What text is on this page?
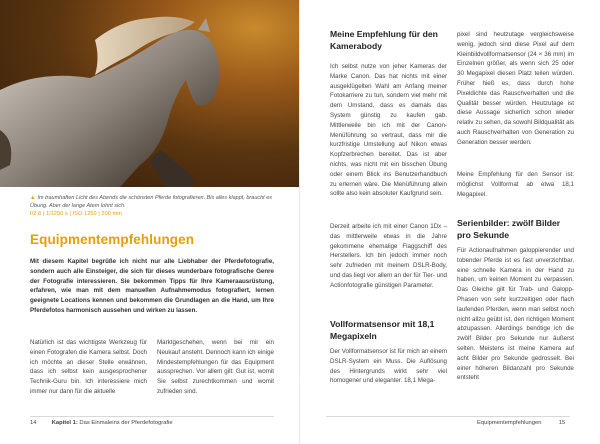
▲ Im traumhaften Licht des Abends die schönsten Pferde fotografieren. Bis alles klappt, braucht es Übung. Aber der lange Atem lohnt sich.
f/2.8 | 1/1250 s | ISO 1250 | 200 mm
Equipmentempfehlungen

Mit diesem Kapitel begrüße ich nicht nur alle Liebhaber der Pferdefotografie, sondern auch alle Einsteiger, die sich für dieses wunderbare fotografische Genre der Fotografie interessieren. Sie bekommen Tipps für Ihre Kameraausrüstung, erfahren, wie man mit dem manuellen Aufnahmemodus fotografiert, lernen geeignete Locations kennen und bekommen die Grundlagen an die Hand, um Ihre Pferdefotos harmonisch aussehen und wirken zu lassen.

Natürlich ist das wichtigste Werkzeug für einen Fotografen die Kamera selbst. Doch ich möchte an dieser Stelle erwähnen, dass ich selbst kein ausgesprochener Technik-Guru bin. Ich interessiere mich immer nur dann für die aktuelle

Marktgeschehen, wenn bei mir ein Neukauf ansteht. Dennoch kann ich einige Mindestempfehlungen für das Equipment aussprechen. Vor allem gilt: Gut ist, womit Sie selbst zurechtkommen und womit zufrieden sind.

14	Kapitel 1: Das Einmaleins der Pferdefotografie
Meine Empfehlung für den Kamerabody

Ich selbst nutze von jeher Kameras der Marke Canon. Das hat nichts mit einer ausgeklügelten Wahl am Anfang meiner Fotokarriere zu tun, sondern viel mehr mit dem Umstand, dass es damals das System günstig zu kaufen gab. Mittlerweile bin ich mit der Canon-Menüführung so vertraut, dass mir die kurzfristige Umstellung auf Nikon etwas Kopfzerbrechen bereitet. Das ist aber nichts, was nicht mit ein bisschen Übung oder einem Blick ins Benutzerhandbuch zu erlernen wäre. Die Menüführung allein sollte also kein absoluter Kaufgrund sein.

Derzeit arbeite ich mit einer Canon 1Dx – das mittlerweile etwas in die Jahre gekommene ehemalige Flaggschiff des Herstellers. Ich bin jedoch immer noch sehr zufrieden mit meinem DSLR-Body, und das liegt vor allem an der für Tier- und Actionfotografie günstigen Parameter.

Vollformatsensor mit 18,1 Megapixeln

Der Vollformatsensor ist für mich an einem DSLR-System ein Muss. Die Auflösung des Hintergrunds wirkt sehr viel homogener und eleganter. 18,1 Mega-

pixel sind heutzutage vergleichsweise wenig, jedoch sind diese Pixel auf dem Kleinbildvollformatsensor (24 × 36 mm) im Einzelnen größer, als wenn sich 25 oder 30 Megapixel diesen Platz teilen würden. Früher hieß es, dass durch hohe Pixeldichte das Rauschverhalten und die Qualität besser würden. Heutzutage ist diese Aussage sicherlich schon wieder relativ zu sehen, da sowohl Bildqualität als auch Rauschverhalten von Generation zu Generation besser werden.

Meine Empfehlung für den Sensor ist: möglichst Vollformat ab etwa 18,1 Megapixel.

Serienbilder: zwölf Bilder pro Sekunde

Für Actionaufnahmen galoppierender und tobender Pferde ist es fast unverzichtbar, eine schnelle Kamera in der Hand zu haben, um keinen Moment zu verpassen. Das Gleiche gilt für Trab- und Galopp-Phasen von sehr kurzzeitigen oder flach laufenden Pferden, wenn man selbst noch nicht allzu geübt ist, den richtigen Moment abzupassen. Allerdings benötige ich die zwölf Bilder pro Sekunde nur äußerst selten. Meistens ist meine Kamera auf acht Bilder pro Sekunde gedrosselt. Bei einer höheren Bildanzahl pro Sekunde entsteht

Equipmentempfehlungen	15
